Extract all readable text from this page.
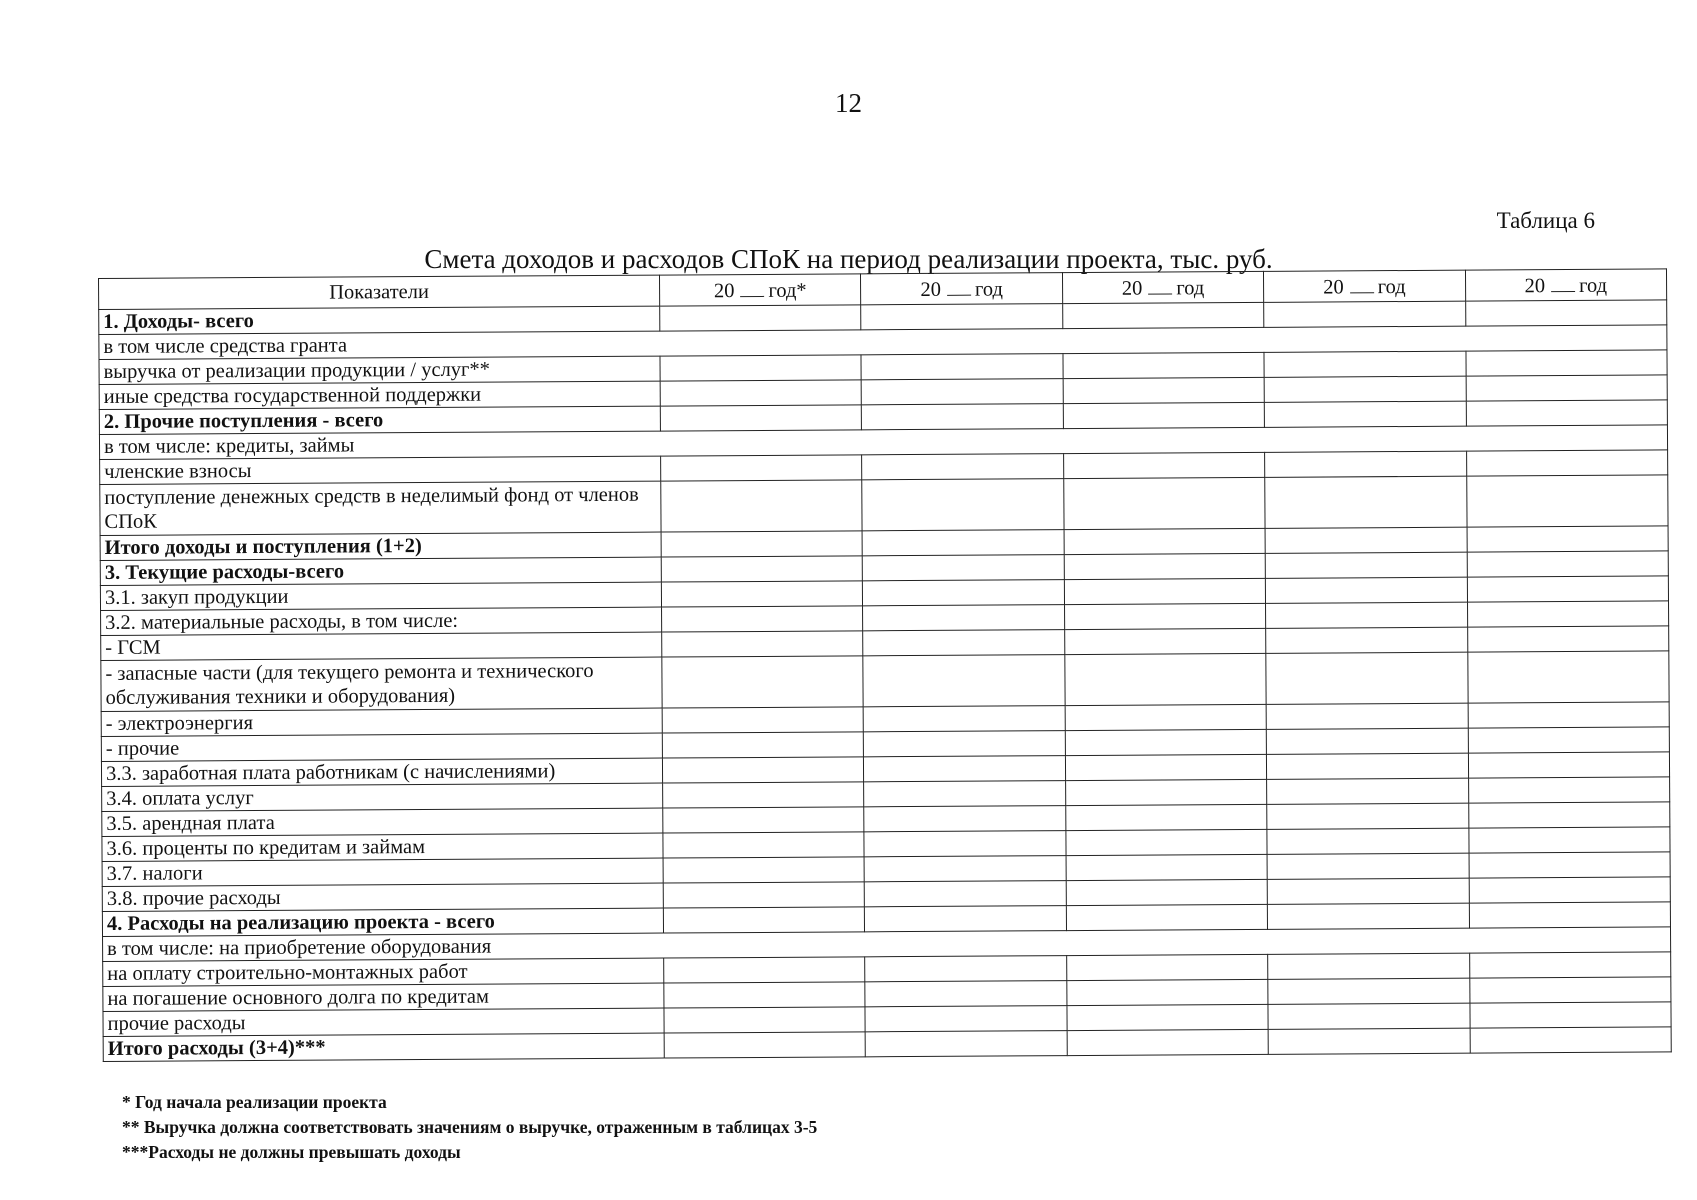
12
Таблица 6
Смета доходов и расходов СПоК на период реализации проекта, тыс. руб.
Показатели	20 год*	20 год	20 год	20 год	20 год
1. Доходы- всего					
в том числе средства гранта					
выручка от реализации продукции / услуг**					
иные средства государственной поддержки					
2. Прочие поступления - всего					
в том числе: кредиты, займы					
членские взносы					
поступление денежных средств в неделимый фонд от членов СПоК					
Итого доходы и поступления (1+2)					
3. Текущие расходы-всего					
3.1. закуп продукции					
3.2. материальные расходы, в том числе:					
- ГСМ					
- запасные части (для текущего ремонта и технического обслуживания техники и оборудования)					
- электроэнергия					
- прочие					
3.3. заработная плата работникам (с начислениями)					
3.4. оплата услуг					
3.5. арендная плата					
3.6. проценты по кредитам и займам					
3.7. налоги					
3.8. прочие расходы					
4. Расходы на реализацию проекта - всего					
в том числе: на приобретение оборудования					
на оплату строительно-монтажных работ					
на погашение основного долга по кредитам					
прочие расходы					
Итого расходы (3+4)***					
* Год начала реализации проекта
** Выручка должна соответствовать значениям о выручке, отраженным в таблицах 3-5
***Расходы не должны превышать доходы
